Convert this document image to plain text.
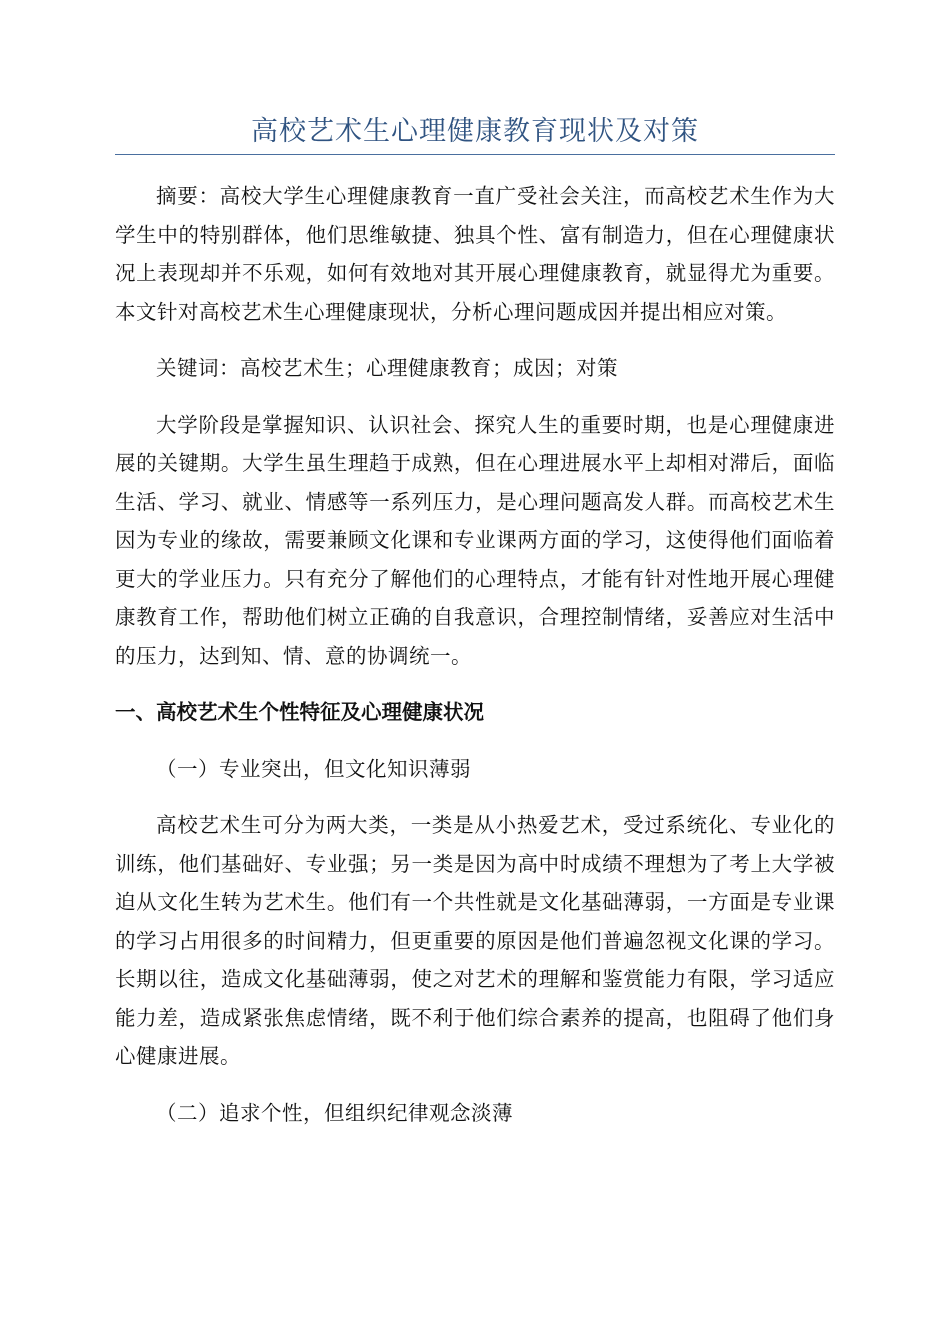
高校艺术生心理健康教育现状及对策

摘要：高校大学生心理健康教育一直广受社会关注，而高校艺术生作为大学生中的特别群体，他们思维敏捷、独具个性、富有制造力，但在心理健康状况上表现却并不乐观，如何有效地对其开展心理健康教育，就显得尤为重要。本文针对高校艺术生心理健康现状，分析心理问题成因并提出相应对策。

关键词：高校艺术生；心理健康教育；成因；对策

大学阶段是掌握知识、认识社会、探究人生的重要时期，也是心理健康进展的关键期。大学生虽生理趋于成熟，但在心理进展水平上却相对滞后，面临生活、学习、就业、情感等一系列压力，是心理问题高发人群。而高校艺术生因为专业的缘故，需要兼顾文化课和专业课两方面的学习，这使得他们面临着更大的学业压力。只有充分了解他们的心理特点，才能有针对性地开展心理健康教育工作，帮助他们树立正确的自我意识，合理控制情绪，妥善应对生活中的压力，达到知、情、意的协调统一。

一、高校艺术生个性特征及心理健康状况

（一）专业突出，但文化知识薄弱

高校艺术生可分为两大类，一类是从小热爱艺术，受过系统化、专业化的训练，他们基础好、专业强；另一类是因为高中时成绩不理想为了考上大学被迫从文化生转为艺术生。他们有一个共性就是文化基础薄弱，一方面是专业课的学习占用很多的时间精力，但更重要的原因是他们普遍忽视文化课的学习。长期以往，造成文化基础薄弱，使之对艺术的理解和鉴赏能力有限，学习适应能力差，造成紧张焦虑情绪，既不利于他们综合素养的提高，也阻碍了他们身心健康进展。

（二）追求个性，但组织纪律观念淡薄
